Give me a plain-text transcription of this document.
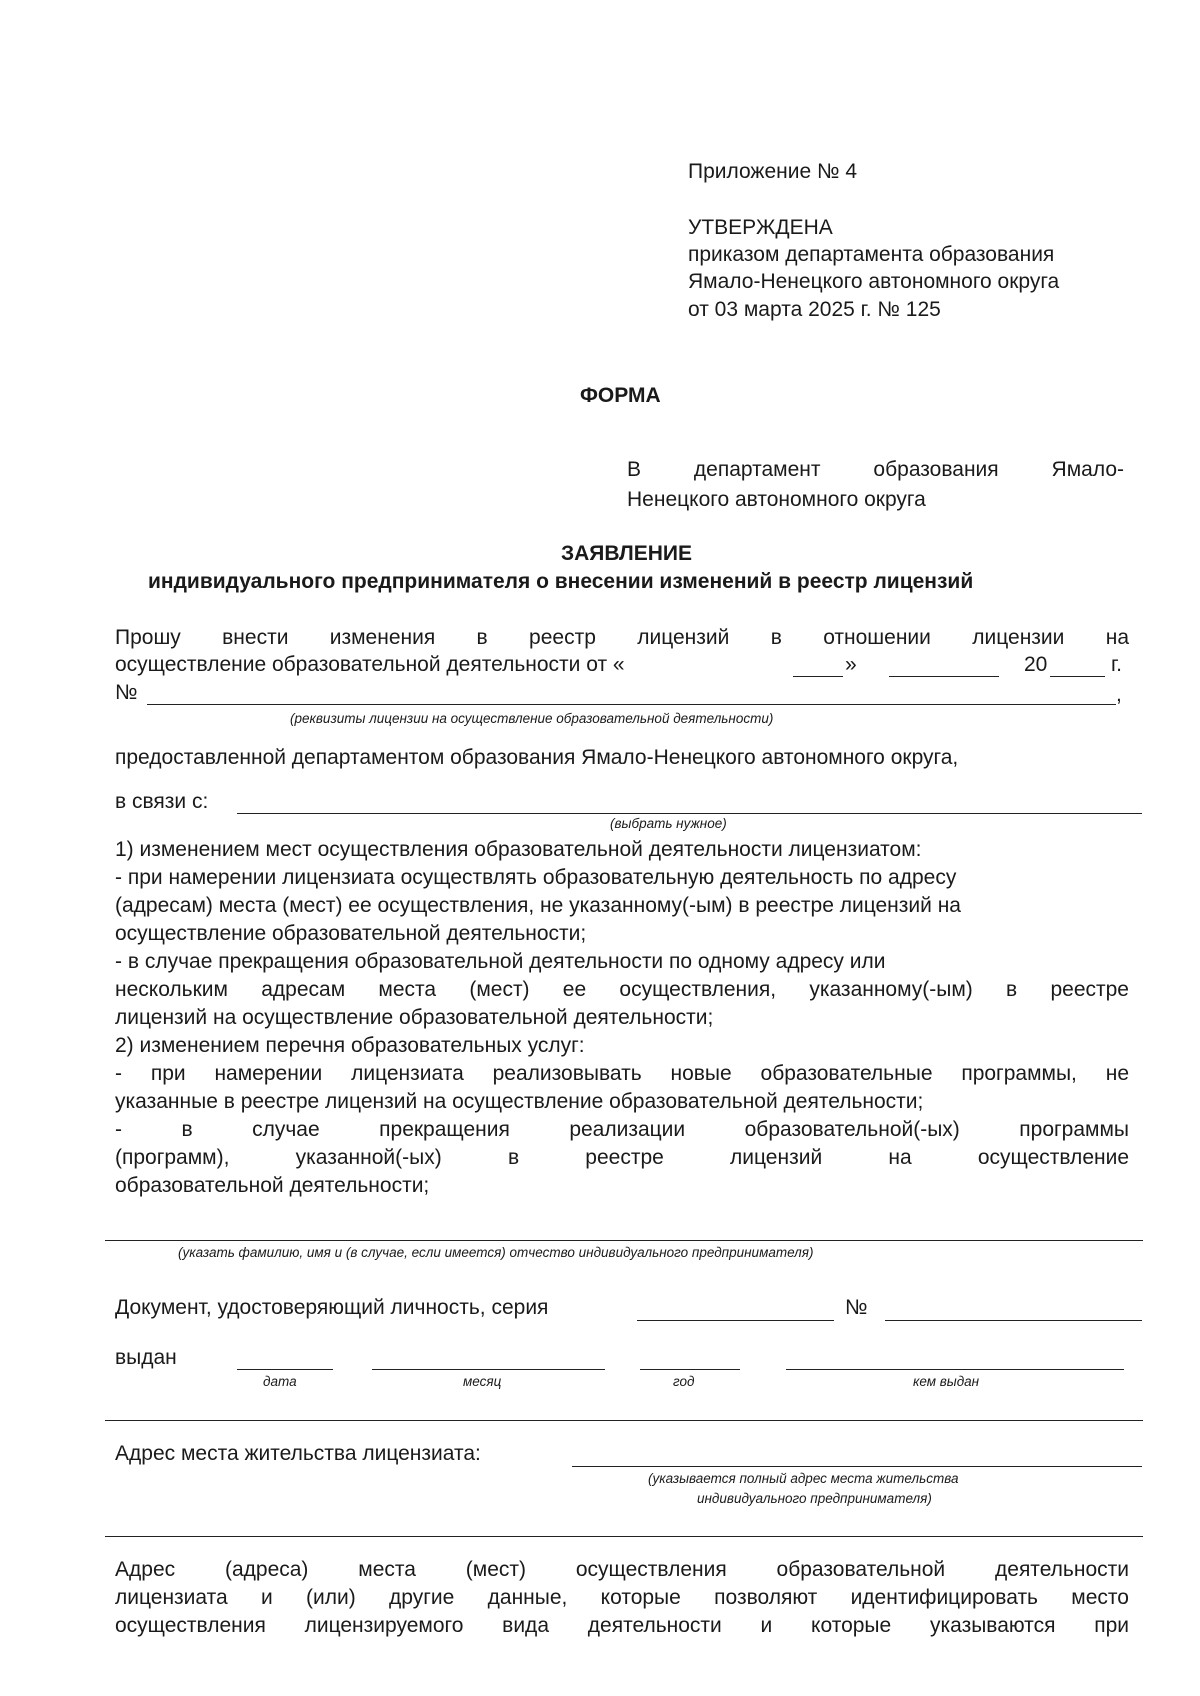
Приложение № 4
УТВЕРЖДЕНА
приказом департамента образования
Ямало-Ненецкого автономного округа
от 03 марта 2025 г. № 125
ФОРМА
В департамент образования Ямало-
Ненецкого автономного округа
ЗАЯВЛЕНИЕ
индивидуального предпринимателя о внесении изменений в реестр лицензий
Прошу внести изменения в реестр лицензий в отношении лицензии на
осуществление образовательной деятельности от «	»	20	г.
№	,
(реквизиты лицензии на осуществление образовательной деятельности)
предоставленной департаментом образования Ямало-Ненецкого автономного округа,
в связи с:
(выбрать нужное)
1) изменением мест осуществления образовательной деятельности лицензиатом:
- при намерении лицензиата осуществлять образовательную деятельность по адресу
(адресам) места (мест) ее осуществления, не указанному(-ым) в реестре лицензий на
осуществление образовательной деятельности;
- в случае прекращения образовательной деятельности по одному адресу или
нескольким адресам места (мест) ее осуществления, указанному(-ым) в реестре
лицензий на осуществление образовательной деятельности;
2) изменением перечня образовательных услуг:
- при намерении лицензиата реализовывать новые образовательные программы, не
указанные в реестре лицензий на осуществление образовательной деятельности;
- в случае прекращения реализации образовательной(-ых) программы
(программ), указанной(-ых) в реестре лицензий на осуществление
образовательной деятельности;
(указать фамилию, имя и (в случае, если имеется) отчество индивидуального предпринимателя)
Документ, удостоверяющий личность, серия	№
выдан
дата	месяц	год	кем выдан
Адрес места жительства лицензиата:
(указывается полный адрес места жительства
индивидуального предпринимателя)
Адрес (адреса) места (мест) осуществления образовательной деятельности
лицензиата и (или) другие данные, которые позволяют идентифицировать место
осуществления лицензируемого вида деятельности и которые указываются при
